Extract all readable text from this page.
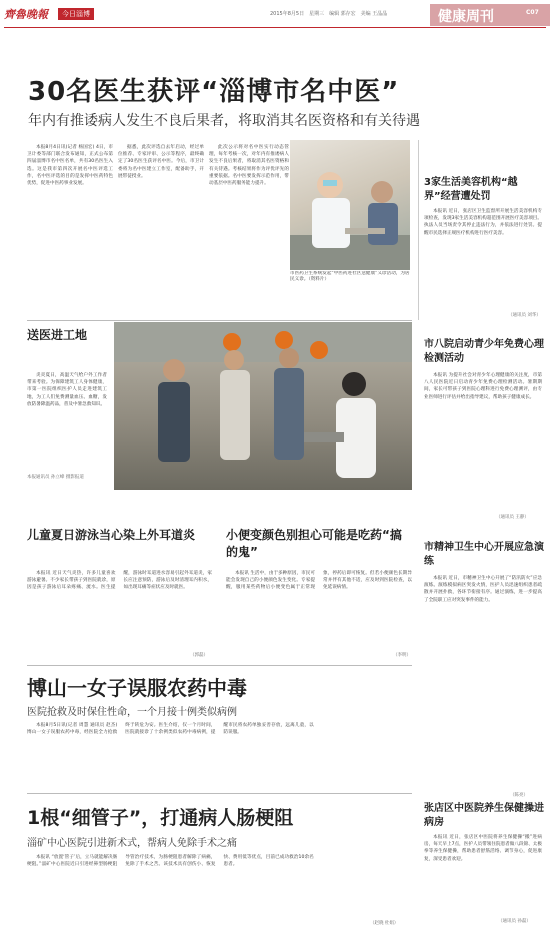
齊魯晚報	今日淄博	2015年8月5日　星期三　编辑 郭存宏　美编 王晶晶	健康周刊	C07
30名医生获评“淄博市名中医”
年内有推诿病人发生不良后果者，将取消其名医资格和有关待遇

本报8月4日讯(记者 杨国宏) 4日，市卫计委等部门联合发布通知，正式公布第四届淄博市名中医名单，共有30名医生入选。这是我市第四次开展名中医评选工作，名中医评选的目的是发挥中医药特色优势，促进中医药事业发展。

据悉，此次评选自去年启动，经过单位推荐、专家评审、公示等程序，最终确定了30名医生获评名中医。今后，市卫计委将为名中医建立工作室，配备助手，开展带徒授业。

此次公示将对名中医实行动态管理，每年考核一次，对年内有推诿病人发生不良后果者，将取消其名医资格和有关待遇。考核结果将作为评优评先的重要依据。名中医要发挥示范作用，带动基层中医药服务能力提升。

市医药卫生系统发起“中医药进社区送健康”义诊活动，为居民义诊。（资料片）
3家生活美容机构“越界”经营遭处罚

本报讯 近日，张店区卫生监督所开展生活美容机构专项检查，发现3家生活美容机构超范围开展医疗美容项目。执法人员当场责令其停止违法行为，并依法进行处罚。提醒市民选择正规医疗机构进行医疗美容。

（通讯员 刘华）
送医进工地

炎炎夏日，高温天气给户外工作者带来考验。为保障建筑工人身体健康，市第一医院组织医护人员走进建筑工地，为工人们免费测量血压、血糖，发放防暑降温药品，普及中暑急救知识。

本报通讯员 孙立峰 摄影报道
市八院启动青少年免费心理检测活动

本报讯 为提升社会对青少年心理健康的关注度，市第八人民医院近日启动青少年免费心理检测活动。暑期期间，家长可带孩子到医院心理科进行免费心理测评，由专业医师进行评估并给出指导建议，帮助孩子健康成长。

（通讯员 王静）
儿童夏日游泳当心染上外耳道炎

本报讯 近日天气炎热，许多儿童喜欢游泳避暑。不少家长带孩子到医院就诊，原因是孩子游泳后耳朵疼痛、流水。医生提醒，游泳时耳道进水容易引起外耳道炎，家长应注意预防，游泳后及时清理耳内积水，如出现耳痛等症状应及时就医。

（郭磊）
小便变颜色别担心可能是吃药“搞的鬼”

本报讯 生活中，由于多种原因，市民可能会发现自己的小便颜色发生变化。专家提醒，服用某些药物后小便变色属于正常现象，停药后即可恢复。但若小便颜色长期异常并伴有其他不适，应及时到医院检查，以免延误病情。

（李明）
市精神卫生中心开展应急演练

本报讯 近日，市精神卫生中心开展了“防汛防火”应急演练。演练模拟病区突发火情，医护人员迅速组织患者疏散并开展扑救，各环节衔接有序。通过演练，进一步提高了全院职工应对突发事件的能力。

（陈亮）
博山一女子误服农药中毒
医院抢救及时保住性命，一个月接十例类似病例

本报8月5日讯(记者 周慧 通讯员 赵杰) 博山一女子误服农药中毒，经医院全力抢救终于转危为安。医生介绍，仅一个月时间，医院就接诊了十余例类似农药中毒病例，提醒市民将农药单独妥善存放，远离儿童，以防误服。

张店区中医院养生保健操进病房

本报讯 近日，张店区中医院将养生保健操“搬”进病房，每天早上7点，医护人员带领住院患者做八段锦、太极拳等养生保健操，帮助患者舒筋活络、调节身心，促进康复，深受患者欢迎。

（通讯员 孙磊）
1根“细管子”，打通病人肠梗阻
淄矿中心医院引进新术式，帮病人免除手术之痛

本报讯 “放置‘管子’后，立马就能解决肠梗阻。”淄矿中心医院近日引进经鼻型肠梗阻导管治疗技术，为肠梗阻患者解除了病痛，免除了手术之苦。该技术具有创伤小、恢复快、费用低等优点，目前已成功救治10余名患者。

（赵晓 杜娟）
